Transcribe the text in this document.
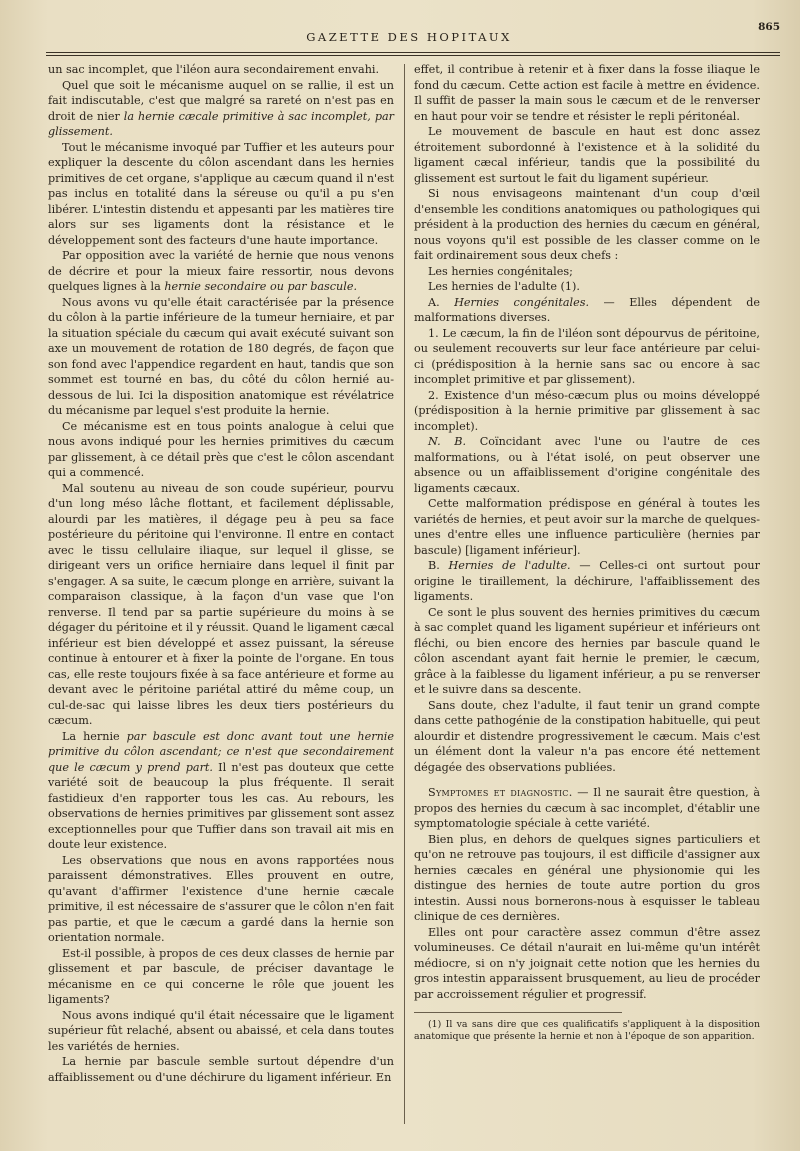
GAZETTE DES HOPITAUX
865

un sac incomplet, que l'iléon aura secondairement envahi.

Quel que soit le mécanisme auquel on se rallie, il est un fait indiscutable, c'est que malgré sa rareté on n'est pas en droit de nier la hernie cæcale primitive à sac incomplet, par glissement.

Tout le mécanisme invoqué par Tuffier et les auteurs pour expliquer la descente du côlon ascendant dans les hernies primitives de cet organe, s'applique au cæcum quand il n'est pas inclus en totalité dans la séreuse ou qu'il a pu s'en libérer. L'intestin distendu et appesanti par les matières tire alors sur ses ligaments dont la résistance et le développement sont des facteurs d'une haute importance.

Par opposition avec la variété de hernie que nous venons de décrire et pour la mieux faire ressortir, nous devons quelques lignes à la hernie secondaire ou par bascule.

Nous avons vu qu'elle était caractérisée par la présence du côlon à la partie inférieure de la tumeur herniaire, et par la situation spéciale du cæcum qui avait exécuté suivant son axe un mouvement de rotation de 180 degrés, de façon que son fond avec l'appendice regardent en haut, tandis que son sommet est tourné en bas, du côté du côlon hernié au-dessous de lui. Ici la disposition anatomique est révélatrice du mécanisme par lequel s'est produite la hernie.

Ce mécanisme est en tous points analogue à celui que nous avons indiqué pour les hernies primitives du cæcum par glissement, à ce détail près que c'est le côlon ascendant qui a commencé.

Mal soutenu au niveau de son coude supérieur, pourvu d'un long méso lâche flottant, et facilement déplissable, alourdi par les matières, il dégage peu à peu sa face postérieure du péritoine qui l'environne. Il entre en contact avec le tissu cellulaire iliaque, sur lequel il glisse, se dirigeant vers un orifice herniaire dans lequel il finit par s'engager. A sa suite, le cæcum plonge en arrière, suivant la comparaison classique, à la façon d'un vase que l'on renverse. Il tend par sa partie supérieure du moins à se dégager du péritoine et il y réussit. Quand le ligament cæcal inférieur est bien développé et assez puissant, la séreuse continue à entourer et à fixer la pointe de l'organe. En tous cas, elle reste toujours fixée à sa face antérieure et forme au devant avec le péritoine pariétal attiré du même coup, un cul-de-sac qui laisse libres les deux tiers postérieurs du cæcum.

La hernie par bascule est donc avant tout une hernie primitive du côlon ascendant; ce n'est que secondairement que le cæcum y prend part. Il n'est pas douteux que cette variété soit de beaucoup la plus fréquente. Il serait fastidieux d'en rapporter tous les cas. Au rebours, les observations de hernies primitives par glissement sont assez exceptionnelles pour que Tuffier dans son travail ait mis en doute leur existence.

Les observations que nous en avons rapportées nous paraissent démonstratives. Elles prouvent en outre, qu'avant d'affirmer l'existence d'une hernie cæcale primitive, il est nécessaire de s'assurer que le côlon n'en fait pas partie, et que le cæcum a gardé dans la hernie son orientation normale.

Est-il possible, à propos de ces deux classes de hernie par glissement et par bascule, de préciser davantage le mécanisme en ce qui concerne le rôle que jouent les ligaments?

Nous avons indiqué qu'il était nécessaire que le ligament supérieur fût relaché, absent ou abaissé, et cela dans toutes les variétés de hernies.

La hernie par bascule semble surtout dépendre d'un affaiblissement ou d'une déchirure du ligament inférieur. En

effet, il contribue à retenir et à fixer dans la fosse iliaque le fond du cæcum. Cette action est facile à mettre en évidence. Il suffit de passer la main sous le cæcum et de le renverser en haut pour voir se tendre et résister le repli péritonéal.

Le mouvement de bascule en haut est donc assez étroitement subordonné à l'existence et à la solidité du ligament cæcal inférieur, tandis que la possibilité du glissement est surtout le fait du ligament supérieur.

Si nous envisageons maintenant d'un coup d'œil d'ensemble les conditions anatomiques ou pathologiques qui président à la production des hernies du cæcum en général, nous voyons qu'il est possible de les classer comme on le fait ordinairement sous deux chefs :

Les hernies congénitales;

Les hernies de l'adulte (1).

A. Hernies congénitales. — Elles dépendent de malformations diverses.

1. Le cæcum, la fin de l'iléon sont dépourvus de péritoine, ou seulement recouverts sur leur face antérieure par celui-ci (prédisposition à la hernie sans sac ou encore à sac incomplet primitive et par glissement).

2. Existence d'un méso-cæcum plus ou moins développé (prédisposition à la hernie primitive par glissement à sac incomplet).

N. B. Coïncidant avec l'une ou l'autre de ces malformations, ou à l'état isolé, on peut observer une absence ou un affaiblissement d'origine congénitale des ligaments cæcaux.

Cette malformation prédispose en général à toutes les variétés de hernies, et peut avoir sur la marche de quelques-unes d'entre elles une influence particulière (hernies par bascule) [ligament inférieur].

B. Hernies de l'adulte. — Celles-ci ont surtout pour origine le tiraillement, la déchirure, l'affaiblissement des ligaments.

Ce sont le plus souvent des hernies primitives du cæcum à sac complet quand les ligament supérieur et inférieurs ont fléchi, ou bien encore des hernies par bascule quand le côlon ascendant ayant fait hernie le premier, le cæcum, grâce à la faiblesse du ligament inférieur, a pu se renverser et le suivre dans sa descente.

Sans doute, chez l'adulte, il faut tenir un grand compte dans cette pathogénie de la constipation habituelle, qui peut alourdir et distendre progressivement le cæcum. Mais c'est un élément dont la valeur n'a pas encore été nettement dégagée des observations publiées.

Symptomes et diagnostic. — Il ne saurait être question, à propos des hernies du cæcum à sac incomplet, d'établir une symptomatologie spéciale à cette variété.

Bien plus, en dehors de quelques signes particuliers et qu'on ne retrouve pas toujours, il est difficile d'assigner aux hernies cæcales en général une physionomie qui les distingue des hernies de toute autre portion du gros intestin. Aussi nous bornerons-nous à esquisser le tableau clinique de ces dernières.

Elles ont pour caractère assez commun d'être assez volumineuses. Ce détail n'aurait en lui-même qu'un intérêt médiocre, si on n'y joignait cette notion que les hernies du gros intestin apparaissent brusquement, au lieu de procéder par accroissement régulier et progressif.

(1) Il va sans dire que ces qualificatifs s'appliquent à la disposition anatomique que présente la hernie et non à l'époque de son apparition.
